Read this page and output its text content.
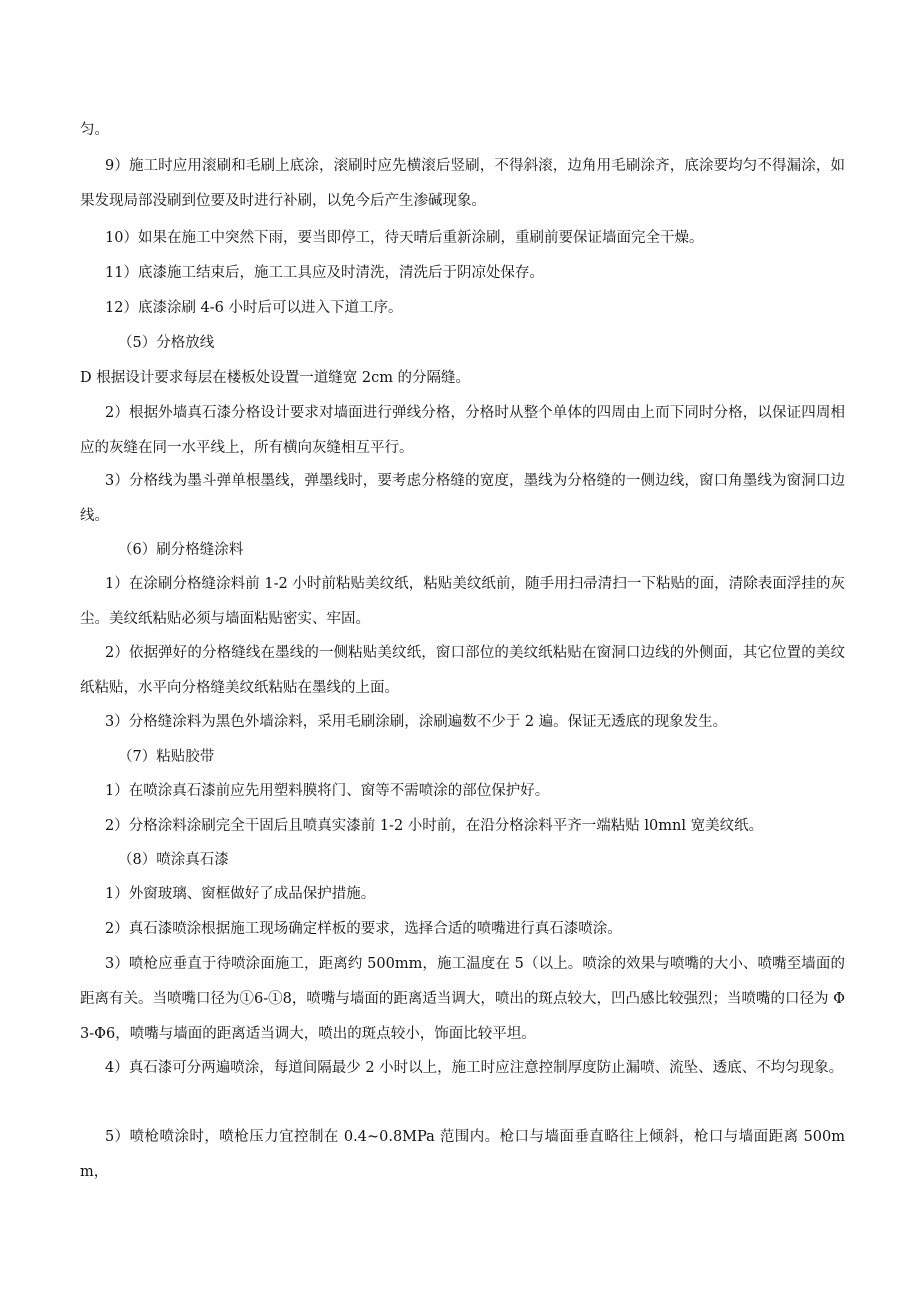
匀。

9）施工时应用滚刷和毛刷上底涂，滚刷时应先横滚后竖刷，不得斜滚，边角用毛刷涂齐，底涂要均匀不得漏涂，如果发现局部没刷到位要及时进行补刷，以免今后产生渗碱现象。

10）如果在施工中突然下雨，要当即停工，待天晴后重新涂刷，重刷前要保证墙面完全干燥。

11）底漆施工结束后，施工工具应及时清洗，清洗后于阴凉处保存。

12）底漆涂刷 4-6 小时后可以进入下道工序。

（5）分格放线

D 根据设计要求每层在楼板处设置一道缝宽 2cm 的分隔缝。

2）根据外墙真石漆分格设计要求对墙面进行弹线分格，分格时从整个单体的四周由上而下同时分格，以保证四周相应的灰缝在同一水平线上，所有横向灰缝相互平行。

3）分格线为墨斗弹单根墨线，弹墨线时，要考虑分格缝的宽度，墨线为分格缝的一侧边线，窗口角墨线为窗洞口边线。

（6）刷分格缝涂料

1）在涂刷分格缝涂料前 1-2 小时前粘贴美纹纸，粘贴美纹纸前，随手用扫帚清扫一下粘贴的面，清除表面浮挂的灰尘。美纹纸粘贴必须与墙面粘贴密实、牢固。

2）依据弹好的分格缝线在墨线的一侧粘贴美纹纸，窗口部位的美纹纸粘贴在窗洞口边线的外侧面，其它位置的美纹纸粘贴，水平向分格缝美纹纸粘贴在墨线的上面。

3）分格缝涂料为黑色外墙涂料，采用毛刷涂刷，涂刷遍数不少于 2 遍。保证无透底的现象发生。

（7）粘贴胶带

1）在喷涂真石漆前应先用塑料膜将门、窗等不需喷涂的部位保护好。

2）分格涂料涂刷完全干固后且喷真实漆前 1-2 小时前，在沿分格涂料平齐一端粘贴 l0mnl 宽美纹纸。

（8）喷涂真石漆

1）外窗玻璃、窗框做好了成品保护措施。

2）真石漆喷涂根据施工现场确定样板的要求，选择合适的喷嘴进行真石漆喷涂。

3）喷枪应垂直于待喷涂面施工，距离约 500mm，施工温度在 5（以上。喷涂的效果与喷嘴的大小、喷嘴至墙面的距离有关。当喷嘴口径为①6-①8，喷嘴与墙面的距离适当调大，喷出的斑点较大，凹凸感比较强烈；当喷嘴的口径为 Φ3-Φ6，喷嘴与墙面的距离适当调大，喷出的斑点较小，饰面比较平坦。

4）真石漆可分两遍喷涂，每道间隔最少 2 小时以上，施工时应注意控制厚度防止漏喷、流坠、透底、不均匀现象。

5）喷枪喷涂时，喷枪压力宜控制在 0.4~0.8MPa 范围内。枪口与墙面垂直略往上倾斜，枪口与墙面距离 500mm，
